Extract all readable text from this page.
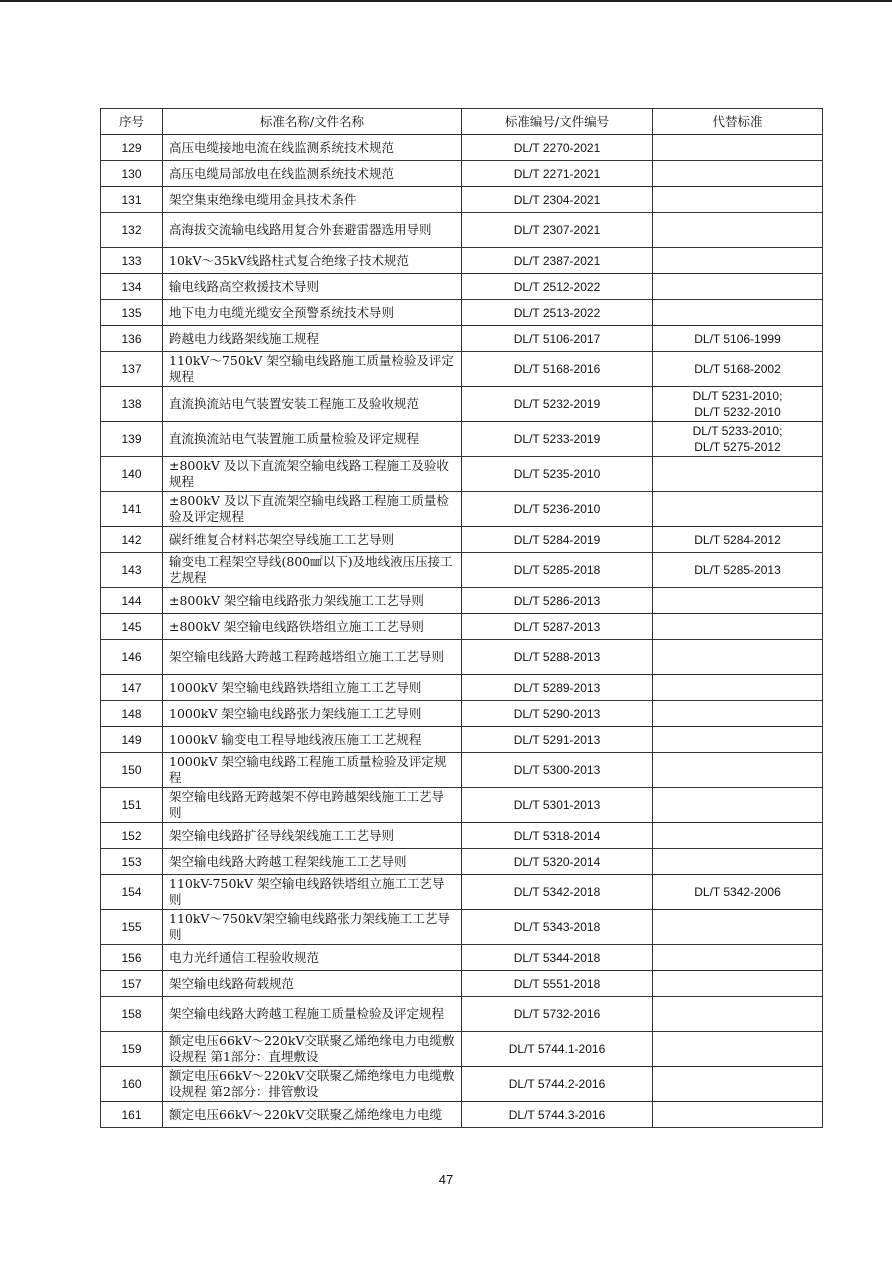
序号	标准名称/文件名称	标准编号/文件编号	代替标准
129	高压电缆接地电流在线监测系统技术规范	DL/T 2270-2021	
130	高压电缆局部放电在线监测系统技术规范	DL/T 2271-2021	
131	架空集束绝缘电缆用金具技术条件	DL/T 2304-2021	
132	高海拔交流输电线路用复合外套避雷器选用导则	DL/T 2307-2021	
133	10kV～35kV线路柱式复合绝缘子技术规范	DL/T 2387-2021	
134	输电线路高空救援技术导则	DL/T 2512-2022	
135	地下电力电缆光缆安全预警系统技术导则	DL/T 2513-2022	
136	跨越电力线路架线施工规程	DL/T 5106-2017	DL/T 5106-1999
137	110kV～750kV 架空输电线路施工质量检验及评定规程	DL/T 5168-2016	DL/T 5168-2002
138	直流换流站电气装置安装工程施工及验收规范	DL/T 5232-2019	DL/T 5231-2010;
DL/T 5232-2010
139	直流换流站电气装置施工质量检验及评定规程	DL/T 5233-2019	DL/T 5233-2010;
DL/T 5275-2012
140	±800kV 及以下直流架空输电线路工程施工及验收规程	DL/T 5235-2010	
141	±800kV 及以下直流架空输电线路工程施工质量检验及评定规程	DL/T 5236-2010	
142	碳纤维复合材料芯架空导线施工工艺导则	DL/T 5284-2019	DL/T 5284-2012
143	输变电工程架空导线(800㎟以下)及地线液压压接工艺规程	DL/T 5285-2018	DL/T 5285-2013
144	±800kV 架空输电线路张力架线施工工艺导则	DL/T 5286-2013	
145	±800kV 架空输电线路铁塔组立施工工艺导则	DL/T 5287-2013	
146	架空输电线路大跨越工程跨越塔组立施工工艺导则	DL/T 5288-2013	
147	1000kV 架空输电线路铁塔组立施工工艺导则	DL/T 5289-2013	
148	1000kV 架空输电线路张力架线施工工艺导则	DL/T 5290-2013	
149	1000kV 输变电工程导地线液压施工工艺规程	DL/T 5291-2013	
150	1000kV 架空输电线路工程施工质量检验及评定规程	DL/T 5300-2013	
151	架空输电线路无跨越架不停电跨越架线施工工艺导则	DL/T 5301-2013	
152	架空输电线路扩径导线架线施工工艺导则	DL/T 5318-2014	
153	架空输电线路大跨越工程架线施工工艺导则	DL/T 5320-2014	
154	110kV-750kV 架空输电线路铁塔组立施工工艺导则	DL/T 5342-2018	DL/T 5342-2006
155	110kV～750kV架空输电线路张力架线施工工艺导则	DL/T 5343-2018	
156	电力光纤通信工程验收规范	DL/T 5344-2018	
157	架空输电线路荷载规范	DL/T 5551-2018	
158	架空输电线路大跨越工程施工质量检验及评定规程	DL/T 5732-2016	
159	额定电压66kV～220kV交联聚乙烯绝缘电力电缆敷设规程 第1部分：直埋敷设	DL/T 5744.1-2016	
160	额定电压66kV～220kV交联聚乙烯绝缘电力电缆敷设规程 第2部分：排管敷设	DL/T 5744.2-2016	
161	额定电压66kV～220kV交联聚乙烯绝缘电力电缆	DL/T 5744.3-2016	
47
